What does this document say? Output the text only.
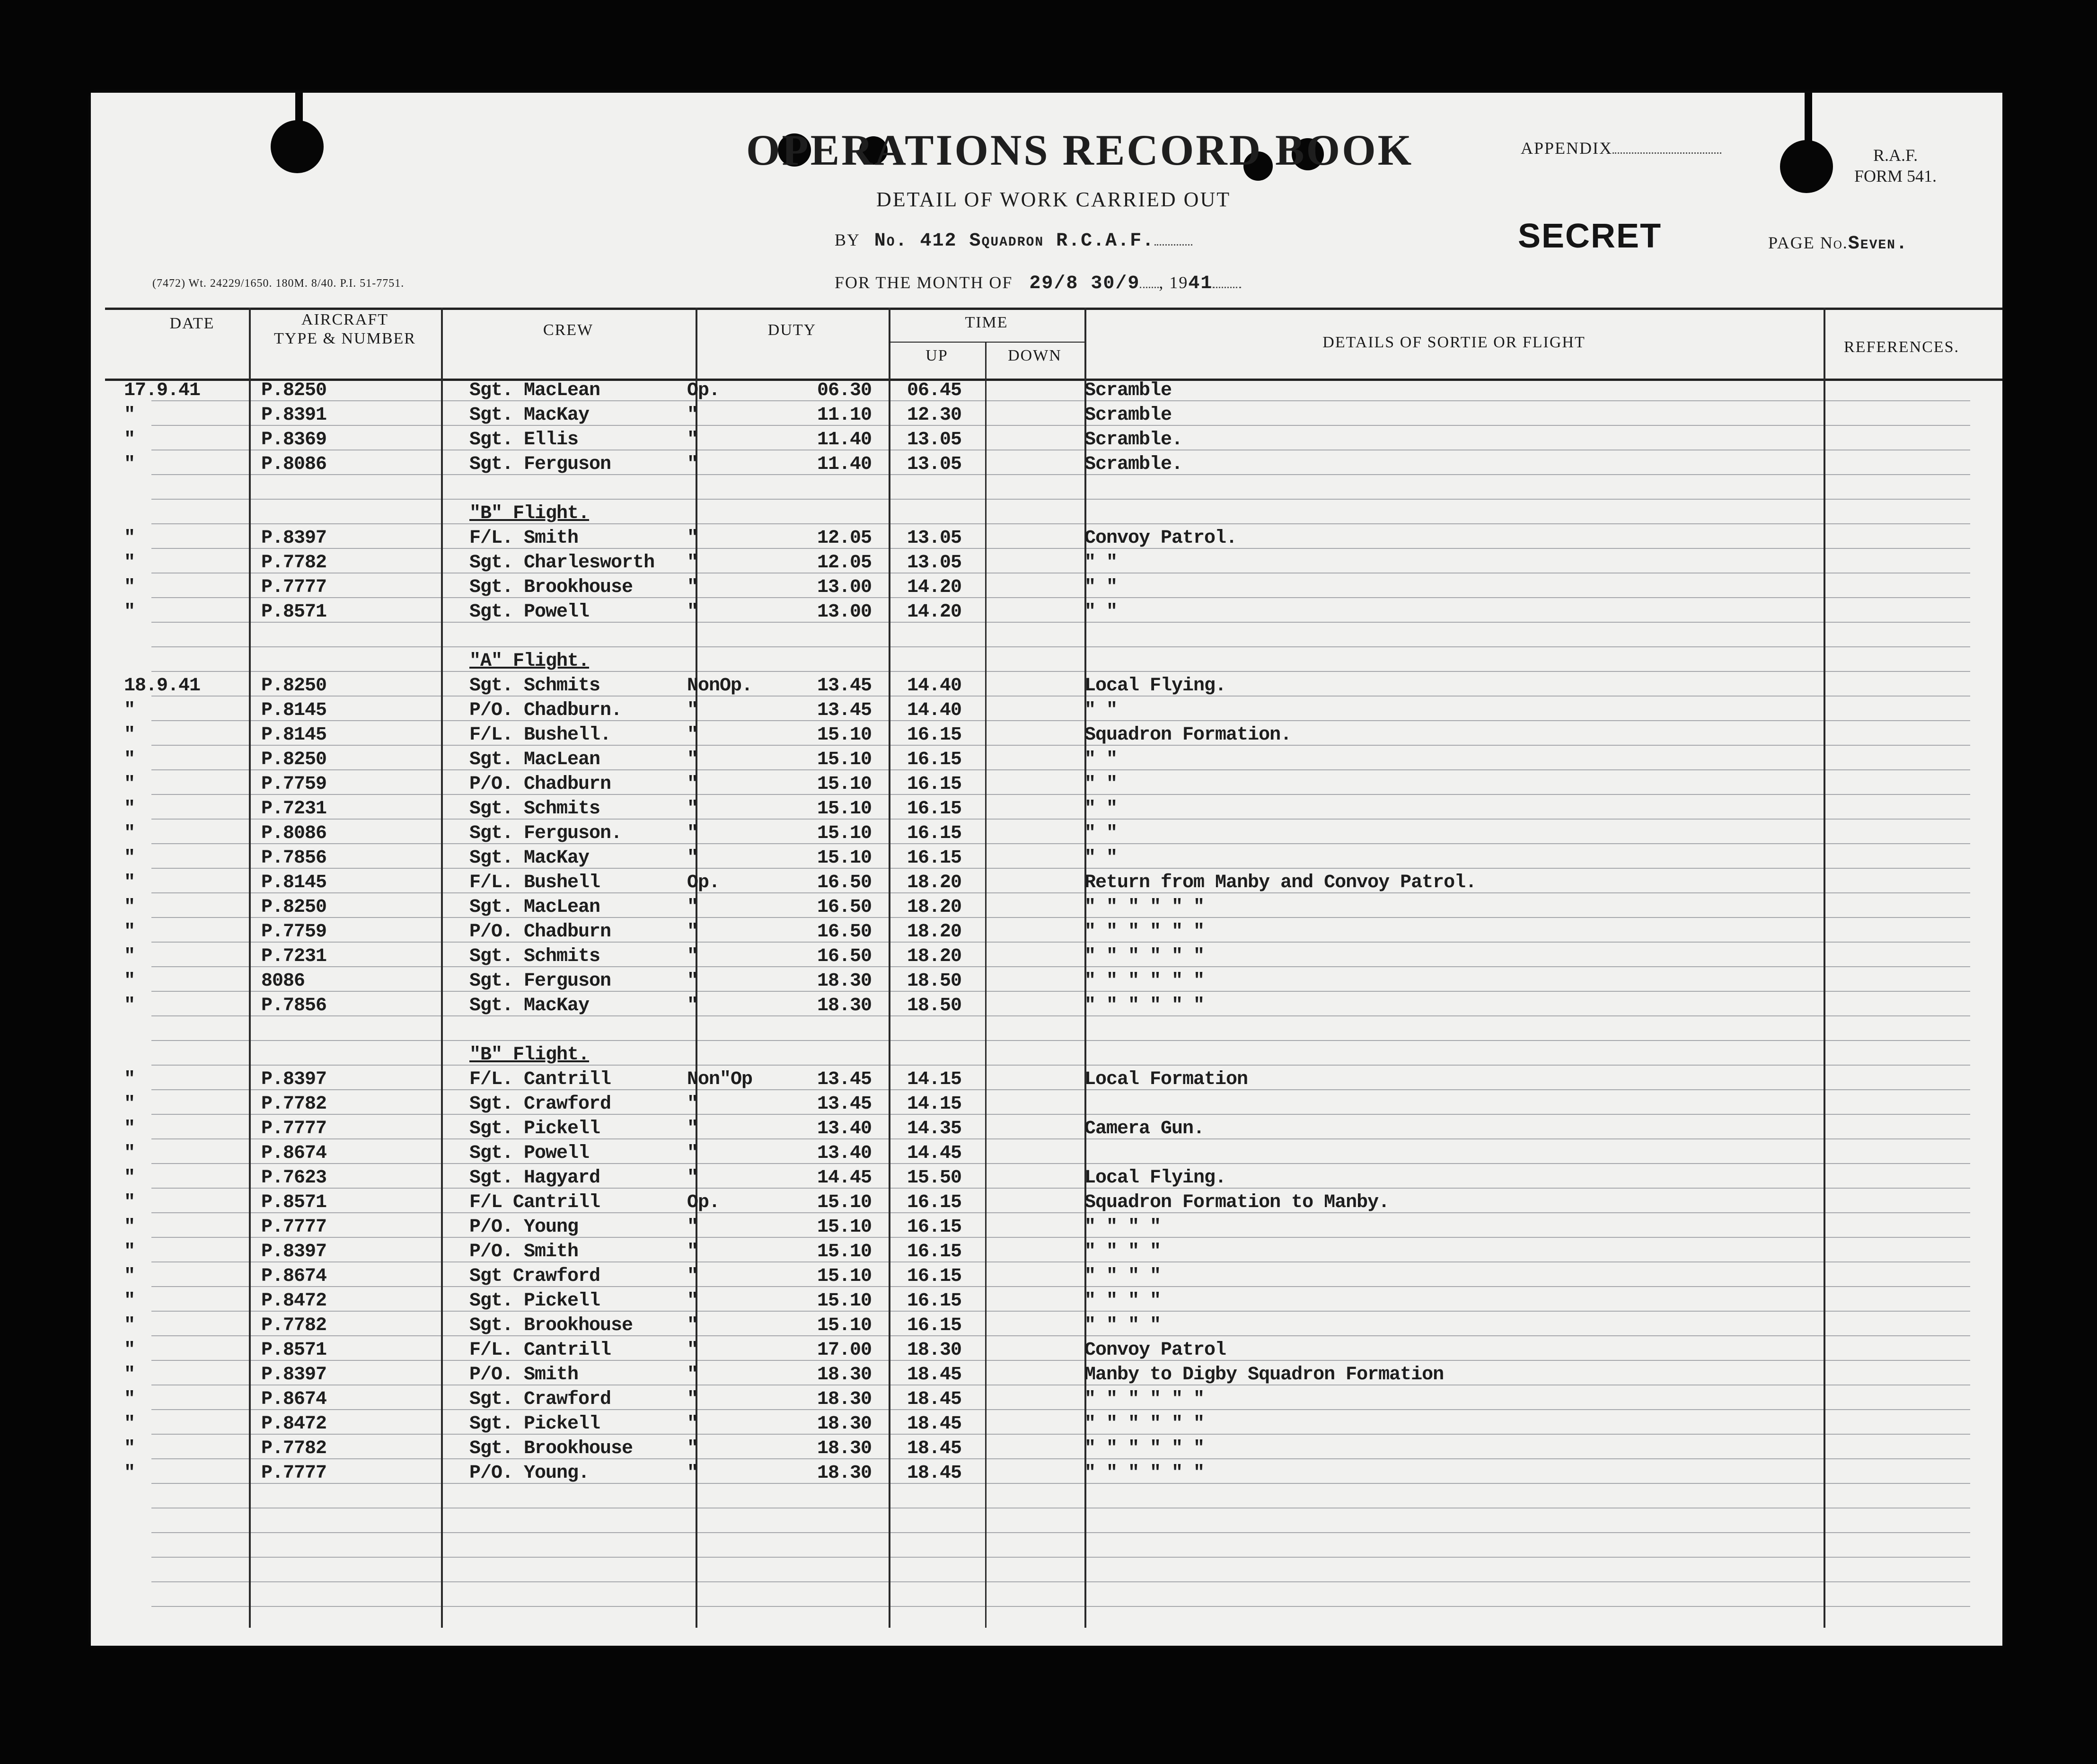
OPERATIONS RECORD BOOK
DETAIL OF WORK CARRIED OUT
APPENDIX	R.A.F.
FORM 541.
BY No. 412 Squadron R.C.A.F.	SECRET	PAGE No.Seven.
(7472) Wt. 24229/1650. 180M. 8/40. P.I. 51-7751.	FOR THE MONTH OF 29/8 30/9 , 1941
DATE	AIRCRAFT
TYPE & NUMBER	CREW	DUTY	TIME
UP	DOWN
DETAILS OF SORTIE OR FLIGHT	REFERENCES.
17.9.41	P.8250	Sgt. MacLean	Op.	06.30 06.45	Scramble
"	P.8391	Sgt. MacKay	"	11.10 12.30	Scramble
"	P.8369	Sgt. Ellis	"	11.40 13.05	Scramble.
"	P.8086	Sgt. Ferguson	"	11.40 13.05	Scramble.
"B" Flight.
"	P.8397	F/L. Smith	"	12.05 13.05	Convoy Patrol.
"	P.7782	Sgt. Charlesworth "	12.05 13.05	" "
"	P.7777	Sgt. Brookhouse	"	13.00 14.20	" "
"	P.8571	Sgt. Powell	"	13.00 14.20	" "
"A" Flight.
18.9.41	P.8250	Sgt. Schmits	NonOp.	13.45 14.40	Local Flying.
"	P.8145	P/O. Chadburn.	"	13.45 14.40	" "
"	P.8145	F/L. Bushell.	"	15.10 16.15	Squadron Formation.
"	P.8250	Sgt. MacLean	"	15.10 16.15	" "
"	P.7759	P/O. Chadburn	"	15.10 16.15	" "
"	P.7231	Sgt. Schmits	"	15.10 16.15	" "
"	P.8086	Sgt. Ferguson.	"	15.10 16.15	" "
"	P.7856	Sgt. MacKay	"	15.10 16.15	" "
"	P.8145	F/L. Bushell	Op.	16.50 18.20	Return from Manby and Convoy Patrol.
"	P.8250	Sgt. MacLean	"	16.50 18.20	" " " " " "
"	P.7759	P/O. Chadburn	"	16.50 18.20	" " " " " "
"	P.7231	Sgt. Schmits	"	16.50 18.20	" " " " " "
"	8086	Sgt. Ferguson	"	18.30 18.50	" " " " " "
"	P.7856	Sgt. MacKay	"	18.30 18.50	" " " " " "
"B" Flight.
"	P.8397	F/L. Cantrill	Non"Op	13.45 14.15	Local Formation
"	P.7782	Sgt. Crawford	"	13.45 14.15
"	P.7777	Sgt. Pickell	"	13.40 14.35	Camera Gun.
"	P.8674	Sgt. Powell	"	13.40 14.45
"	P.7623	Sgt. Hagyard	"	14.45 15.50	Local Flying.
"	P.8571	F/L Cantrill	Op.	15.10 16.15	Squadron Formation to Manby.
"	P.7777	P/O. Young	"	15.10 16.15	" " " "
"	P.8397	P/O. Smith	"	15.10 16.15	" " " "
"	P.8674	Sgt Crawford	"	15.10 16.15	" " " "
"	P.8472	Sgt. Pickell	"	15.10 16.15	" " " "
"	P.7782	Sgt. Brookhouse	"	15.10 16.15	" " " "
"	P.8571	F/L. Cantrill	"	17.00 18.30	Convoy Patrol
"	P.8397	P/O. Smith	"	18.30 18.45	Manby to Digby Squadron Formation
"	P.8674	Sgt. Crawford	"	18.30 18.45	" " " " " "
"	P.8472	Sgt. Pickell	"	18.30 18.45	" " " " " "
"	P.7782	Sgt. Brookhouse	"	18.30 18.45	" " " " " "
"	P.7777	P/O. Young.	"	18.30 18.45	" " " " " "
